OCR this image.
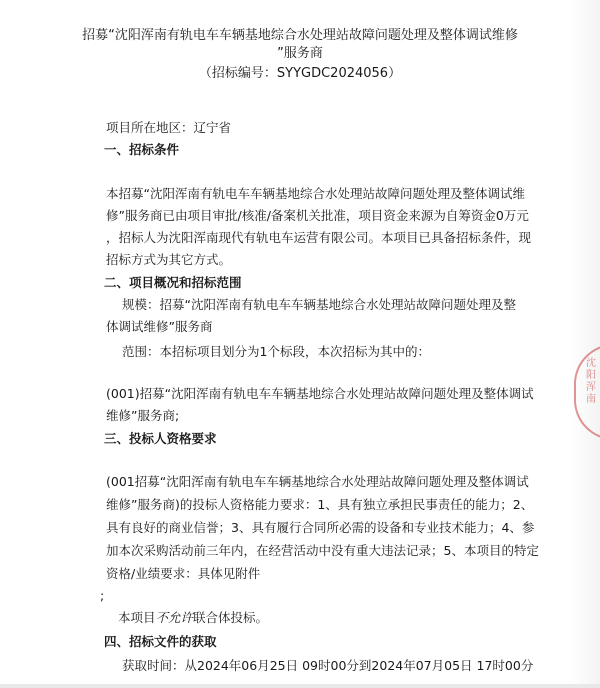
招募“沈阳浑南有轨电车车辆基地综合水处理站故障问题处理及整体调试维修
”服务商
（招标编号：SYYGDC2024056）
项目所在地区：辽宁省
一、招标条件
本招募“沈阳浑南有轨电车车辆基地综合水处理站故障问题处理及整体调试维
修”服务商已由项目审批/核准/备案机关批准，项目资金来源为自筹资金0万元
，招标人为沈阳浑南现代有轨电车运营有限公司。本项目已具备招标条件，现
招标方式为其它方式。
二、项目概况和招标范围
规模：招募“沈阳浑南有轨电车车辆基地综合水处理站故障问题处理及整
体调试维修”服务商
范围：本招标项目划分为1个标段，本次招标为其中的：
(001)招募“沈阳浑南有轨电车车辆基地综合水处理站故障问题处理及整体调试
维修”服务商;
三、投标人资格要求
(001招募“沈阳浑南有轨电车车辆基地综合水处理站故障问题处理及整体调试
维修”服务商)的投标人资格能力要求：1、具有独立承担民事责任的能力；2、
具有良好的商业信誉；3、具有履行合同所必需的设备和专业技术能力；4、参
加本次采购活动前三年内，在经营活动中没有重大违法记录；5、本项目的特定
资格/业绩要求：具体见附件
;
本项目不允许联合体投标。
四、招标文件的获取
获取时间：从2024年06月25日 09时00分到2024年07月05日 17时00分
沈阳浑南
